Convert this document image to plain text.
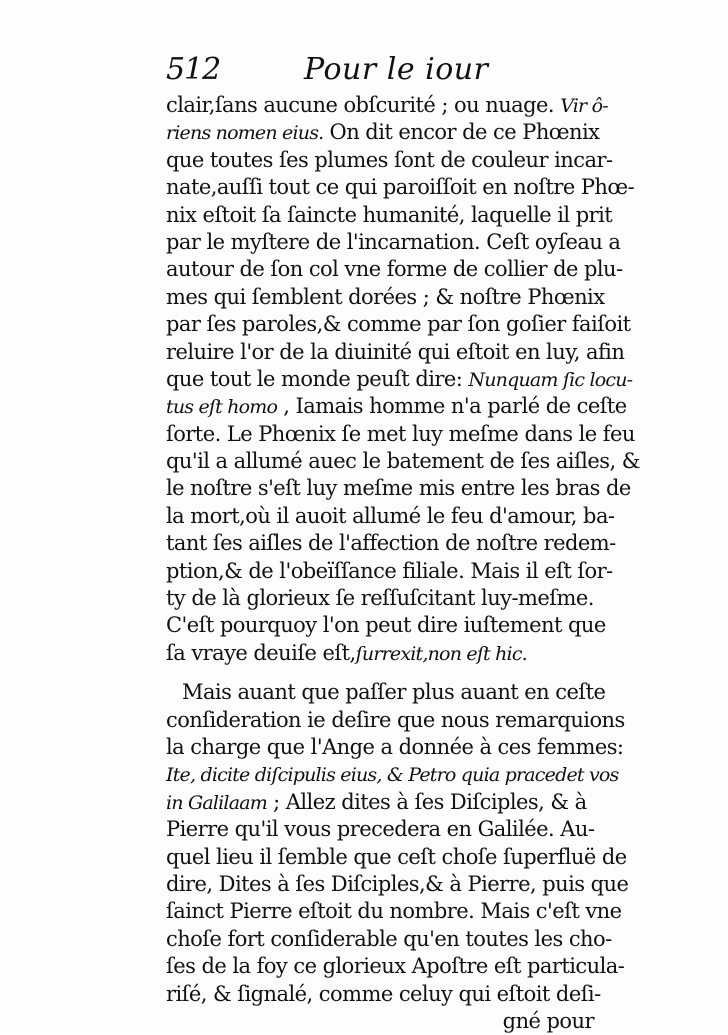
512	Pour le iour
clair,ſans aucune obſcurité ; ou nuage. Vir ô-
riens nomen eius. On dit encor de ce Phœnix
que toutes ſes plumes ſont de couleur incar-
nate,auſſi tout ce qui paroiſſoit en noſtre Phœ-
nix eſtoit ſa ſaincte humanité, laquelle il prit
par le myſtere de l'incarnation. Ceſt oyſeau a
autour de ſon col vne forme de collier de plu-
mes qui ſemblent dorées ; & noſtre Phœnix
par ſes paroles,& comme par ſon goſier faiſoit
reluire l'or de la diuinité qui eſtoit en luy, afin
que tout le monde peuſt dire: Nunquam ſic locu-
tus eſt homo , Iamais homme n'a parlé de ceſte
ſorte. Le Phœnix ſe met luy meſme dans le feu
qu'il a allumé auec le batement de ſes aiſles, &
le noſtre s'eſt luy meſme mis entre les bras de
la mort,où il auoit allumé le feu d'amour, ba-
tant ſes aiſles de l'affection de noſtre redem-
ption,& de l'obeïſſance filiale. Mais il eſt ſor-
ty de là glorieux ſe reſſuſcitant luy-meſme.
C'eſt pourquoy l'on peut dire iuſtement que
ſa vraye deuiſe eſt,ſurrexit,non eſt hic.
Mais auant que paſſer plus auant en ceſte
conſideration ie deſire que nous remarquions
la charge que l'Ange a donnée à ces femmes:
Ite, dicite diſcipulis eius, & Petro quia pracedet vos
in Galilaam ; Allez dites à ſes Diſciples, & à
Pierre qu'il vous precedera en Galilée. Au-
quel lieu il ſemble que ceſt choſe ſuperfluë de
dire, Dites à ſes Diſciples,& à Pierre, puis que
ſainct Pierre eſtoit du nombre. Mais c'eſt vne
choſe fort conſiderable qu'en toutes les cho-
ſes de la foy ce glorieux Apoſtre eſt particula-
riſé, & ſignalé, comme celuy qui eſtoit deſi-
gné pour
